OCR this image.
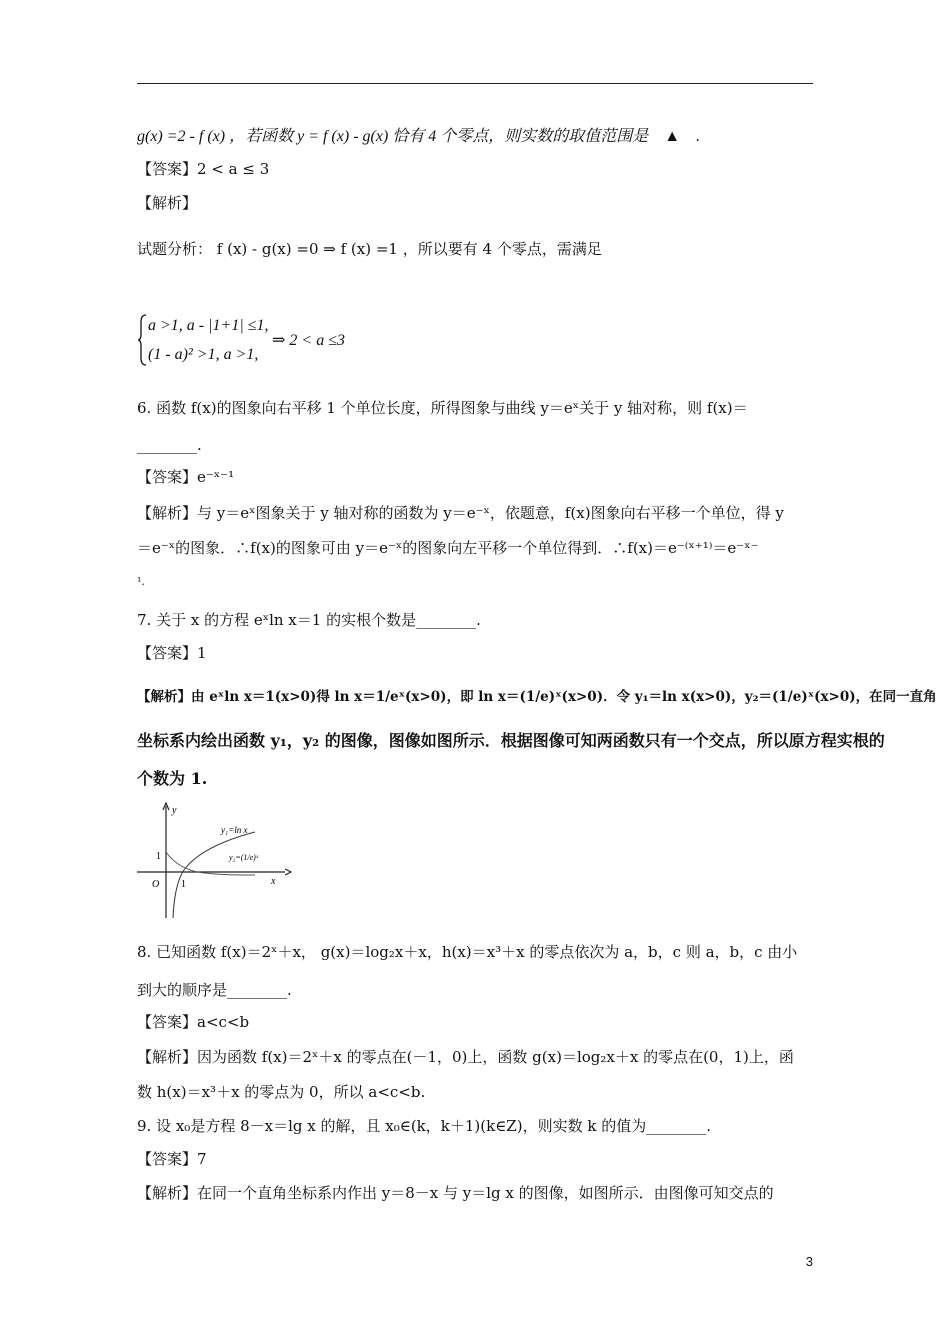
g(x) =2 - f (x) ，若函数 y = f (x) - g(x) 恰有 4 个零点，则实数的取值范围是 ▲ .
【答案】2 < a ≤ 3
【解析】
试题分析： f (x) - g(x) =0 ⇒ f (x) =1 ，所以要有 4 个零点，需满足
a >1, a - |1+1| ≤1,
(1 - a)² >1, a >1,
⇒ 2 < a ≤3
6. 函数 f(x)的图象向右平移 1 个单位长度，所得图象与曲线 y＝eˣ关于 y 轴对称，则 f(x)＝
________.
【答案】e⁻ˣ⁻¹
【解析】与 y＝eˣ图象关于 y 轴对称的函数为 y＝e⁻ˣ，依题意，f(x)图象向右平移一个单位，得 y
＝e⁻ˣ的图象．∴f(x)的图象可由 y＝e⁻ˣ的图象向左平移一个单位得到．∴f(x)＝e⁻⁽ˣ⁺¹⁾＝e⁻ˣ⁻
¹.
7. 关于 x 的方程 eˣln x＝1 的实根个数是________.
【答案】1
【解析】由 eˣln x＝1(x>0)得 ln x＝1/eˣ(x>0)，即 ln x＝(1/e)ˣ(x>0)．令 y₁＝ln x(x>0)，y₂＝(1/e)ˣ(x>0)，在同一直角
坐标系内绘出函数 y₁，y₂ 的图像，图像如图所示．根据图像可知两函数只有一个交点，所以原方程实根的
个数为 1.
y
x
O
1
1
y₁=ln x
y₂=(1/e)ˣ
8. 已知函数 f(x)＝2ˣ＋x， g(x)＝log₂x＋x，h(x)＝x³＋x 的零点依次为 a，b，c 则 a，b，c 由小
到大的顺序是________.
【答案】a<c<b
【解析】因为函数 f(x)＝2ˣ＋x 的零点在(－1，0)上，函数 g(x)＝log₂x＋x 的零点在(0，1)上，函
数 h(x)＝x³＋x 的零点为 0，所以 a<c<b.
9. 设 x₀是方程 8－x＝lg x 的解，且 x₀∈(k，k＋1)(k∈Z)，则实数 k 的值为________.
【答案】7
【解析】在同一个直角坐标系内作出 y＝8－x 与 y＝lg x 的图像，如图所示．由图像可知交点的
3
